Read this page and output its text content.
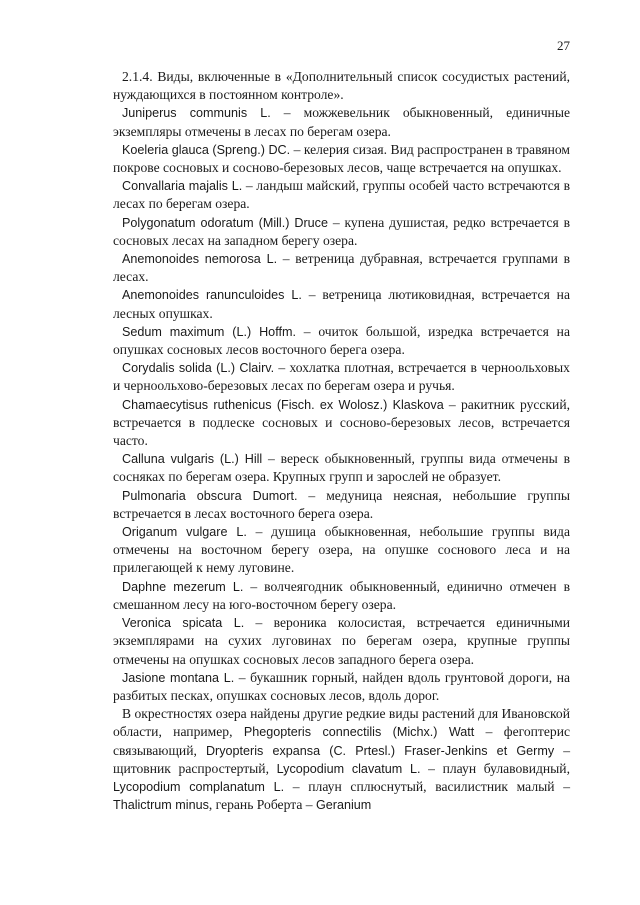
27

2.1.4. Виды, включенные в «Дополнительный список сосудистых растений, нуждающихся в постоянном контроле».

Juniperus communis L. – можжевельник обыкновенный, единичные экземпляры отмечены в лесах по берегам озера.

Koeleria glauca (Spreng.) DC. – келерия сизая. Вид распространен в травяном покрове сосновых и сосново-березовых лесов, чаще встречается на опушках.

Convallaria majalis L. – ландыш майский, группы особей часто встречаются в лесах по берегам озера.

Polygonatum odoratum (Mill.) Druce – купена душистая, редко встречается в сосновых лесах на западном берегу озера.

Anemonoides nemorosa L. – ветреница дубравная, встречается группами в лесах.

Anemonoides ranunculoides L. – ветреница лютиковидная, встречается на лесных опушках.

Sedum maximum (L.) Hoffm. – очиток большой, изредка встречается на опушках сосновых лесов восточного берега озера.

Corydalis solida (L.) Clairv. – хохлатка плотная, встречается в черноольховых и черноольхово-березовых лесах по берегам озера и ручья.

Chamaecytisus ruthenicus (Fisch. ex Wolosz.) Klaskova – ракитник русский, встречается в подлеске сосновых и сосново-березовых лесов, встречается часто.

Calluna vulgaris (L.) Hill – вереск обыкновенный, группы вида отмечены в сосняках по берегам озера. Крупных групп и зарослей не образует.

Pulmonaria obscura Dumort. – медуница неясная, небольшие группы встречается в лесах восточного берега озера.

Origanum vulgare L. – душица обыкновенная, небольшие группы вида отмечены на восточном берегу озера, на опушке соснового леса и на прилегающей к нему луговине.

Daphne mezerum L. – волчеягодник обыкновенный, единично отмечен в смешанном лесу на юго-восточном берегу озера.

Veronica spicata L. – вероника колосистая, встречается единичными экземплярами на сухих луговинах по берегам озера, крупные группы отмечены на опушках сосновых лесов западного берега озера.

Jasione montana L. – букашник горный, найден вдоль грунтовой дороги, на разбитых песках, опушках сосновых лесов, вдоль дорог.

В окрестностях озера найдены другие редкие виды растений для Ивановской области, например, Phegopteris connectilis (Michx.) Watt – фегоптерис связывающий, Dryopteris expansa (C. Prtesl.) Fraser-Jenkins et Germy – щитовник распростертый, Lycopodium clavatum L. – плаун булавовидный, Lycopodium complanatum L. – плаун сплюснутый, василистник малый – Thalictrum minus, герань Роберта – Geranium
